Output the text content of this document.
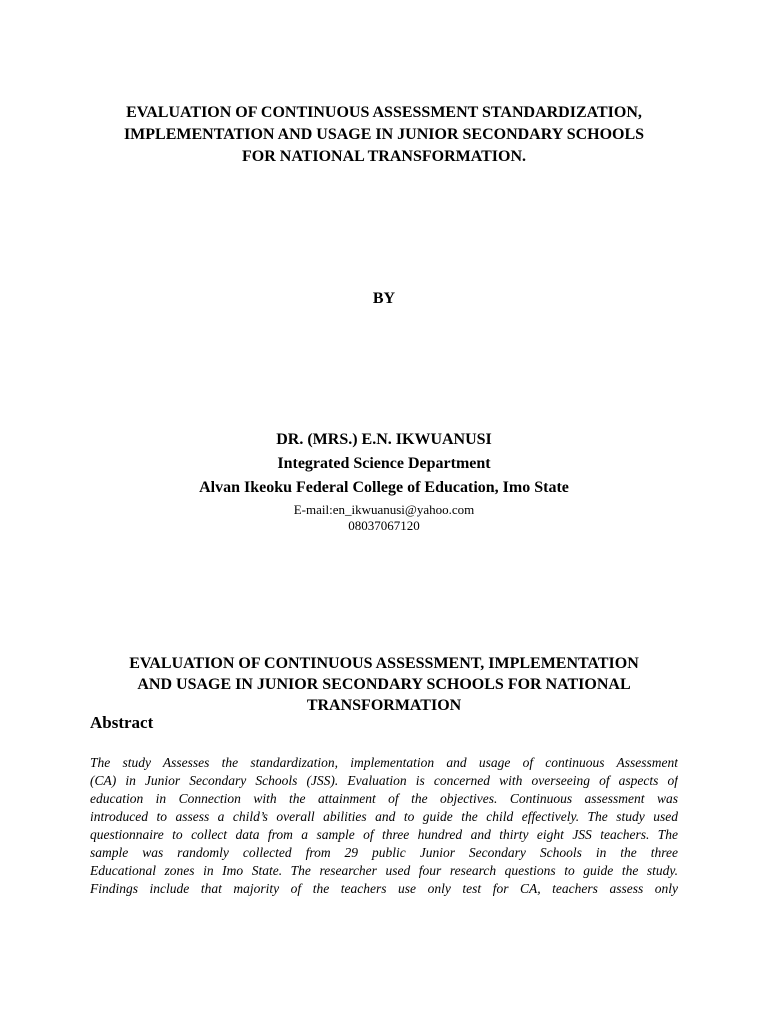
EVALUATION OF CONTINUOUS ASSESSMENT STANDARDIZATION,
IMPLEMENTATION AND USAGE IN JUNIOR SECONDARY SCHOOLS
FOR NATIONAL TRANSFORMATION.
BY
DR. (MRS.) E.N. IKWUANUSI
Integrated Science Department
Alvan Ikeoku Federal College of Education, Imo State
E-mail:en_ikwuanusi@yahoo.com
08037067120
EVALUATION OF CONTINUOUS ASSESSMENT, IMPLEMENTATION
AND USAGE IN JUNIOR SECONDARY SCHOOLS FOR NATIONAL
TRANSFORMATION
Abstract
The study Assesses the standardization, implementation and usage of continuous Assessment
(CA) in Junior Secondary Schools (JSS). Evaluation is concerned with overseeing of aspects of
education in Connection with the attainment of the objectives. Continuous assessment was
introduced to assess a child’s overall abilities and to guide the child effectively. The study used
questionnaire to collect data from a sample of three hundred and thirty eight JSS teachers. The
sample was randomly collected from 29 public Junior Secondary Schools in the three
Educational zones in Imo State. The researcher used four research questions to guide the study.
Findings include that majority of the teachers use only test for CA, teachers assess only
